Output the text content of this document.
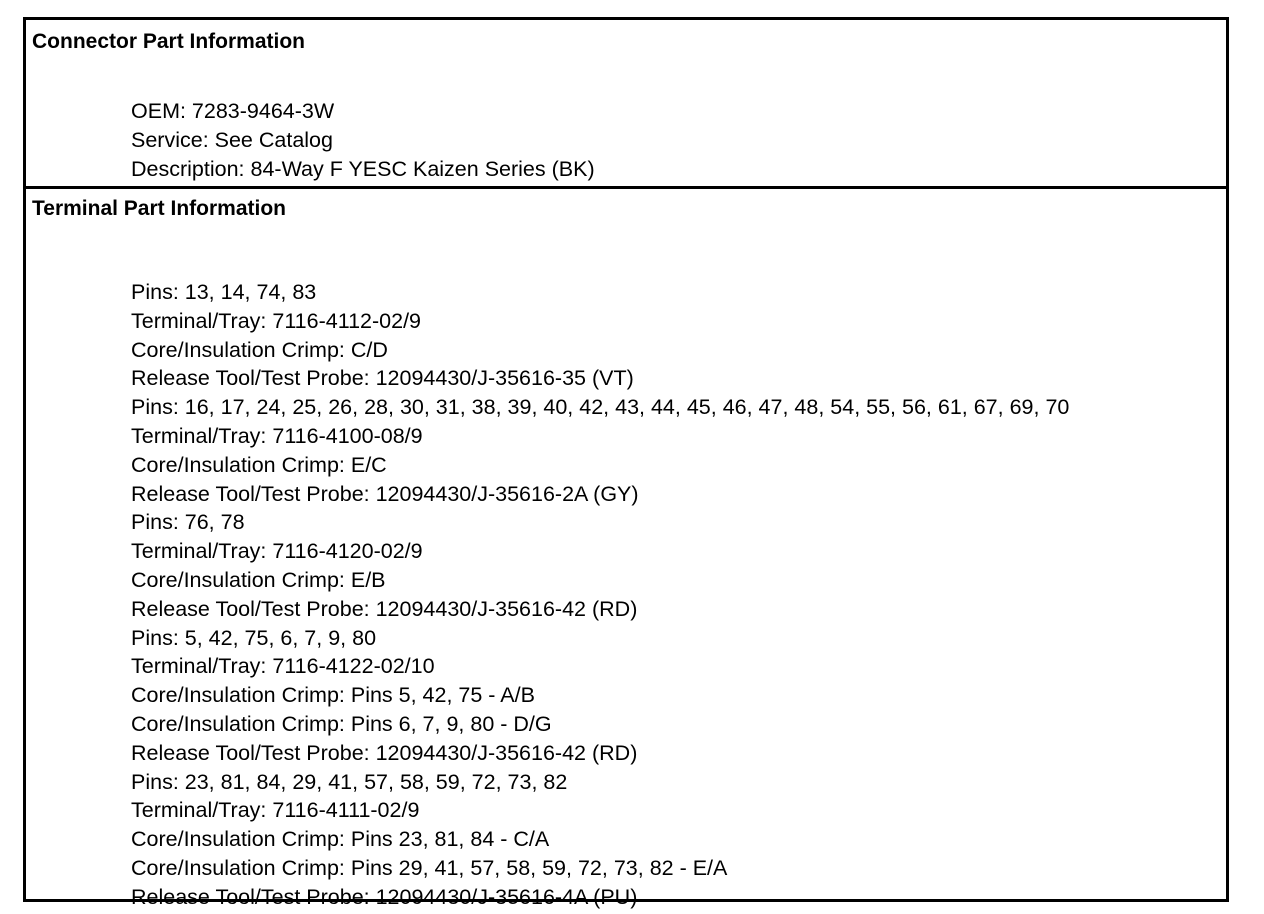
Connector Part Information
OEM: 7283-9464-3W
Service: See Catalog
Description: 84-Way F YESC Kaizen Series (BK)
Terminal Part Information
Pins: 13, 14, 74, 83
Terminal/Tray: 7116-4112-02/9
Core/Insulation Crimp: C/D
Release Tool/Test Probe: 12094430/J-35616-35 (VT)
Pins: 16, 17, 24, 25, 26, 28, 30, 31, 38, 39, 40, 42, 43, 44, 45, 46, 47, 48, 54, 55, 56, 61, 67, 69, 70
Terminal/Tray: 7116-4100-08/9
Core/Insulation Crimp: E/C
Release Tool/Test Probe: 12094430/J-35616-2A (GY)
Pins: 76, 78
Terminal/Tray: 7116-4120-02/9
Core/Insulation Crimp: E/B
Release Tool/Test Probe: 12094430/J-35616-42 (RD)
Pins: 5, 42, 75, 6, 7, 9, 80
Terminal/Tray: 7116-4122-02/10
Core/Insulation Crimp: Pins 5, 42, 75 - A/B
Core/Insulation Crimp: Pins 6, 7, 9, 80 - D/G
Release Tool/Test Probe: 12094430/J-35616-42 (RD)
Pins: 23, 81, 84, 29, 41, 57, 58, 59, 72, 73, 82
Terminal/Tray: 7116-4111-02/9
Core/Insulation Crimp: Pins 23, 81, 84 - C/A
Core/Insulation Crimp: Pins 29, 41, 57, 58, 59, 72, 73, 82 - E/A
Release Tool/Test Probe: 12094430/J-35616-4A (PU)
